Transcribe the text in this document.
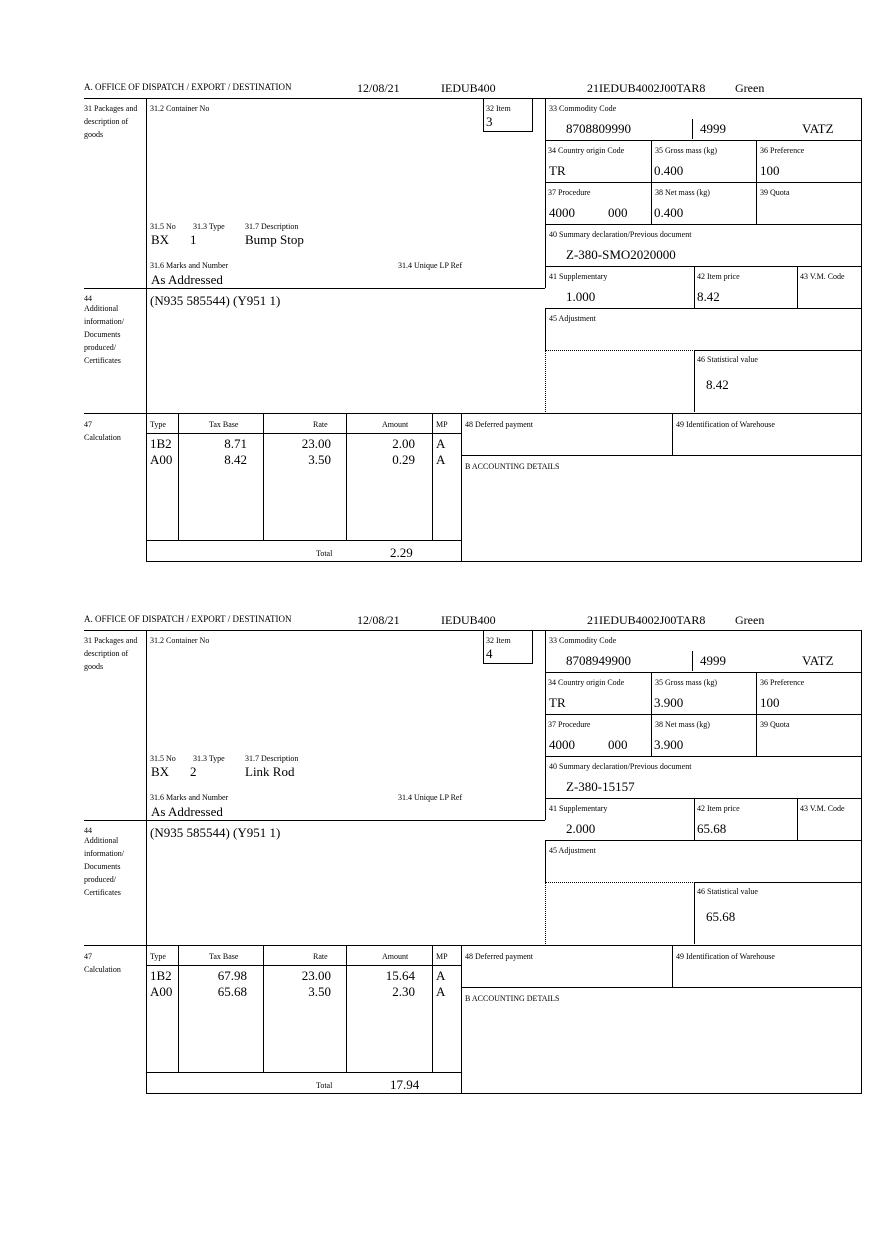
A. OFFICE OF DISPATCH / EXPORT / DESTINATION	12/08/21	IEDUB400	21IEDUB4002J00TAR8 Green
31 Packages and description of goods
31.2 Container No	32 Item
3
33 Commodity Code
8708809990	4999	VATZ
34 Country origin Code	35 Gross mass (kg)	36 Preference
TR	0.400	100
37 Procedure	38 Net mass (kg)	39 Quota
4000	000 0.400
40 Summary declaration/Previous document
Z-380-SMO2020000
31.5 No 31.3 Type	31.7 Description
BX 1	Bump Stop
31.6 Marks and Number	31.4 Unique LP Ref
As Addressed	41 Supplementary	42 Item price	43 V.M. Code
1.000	8.42
44
Additional information/ Documents produced/ Certificates
(N935 585544) (Y951 1)
45 Adjustment
46 Statistical value
8.42
47
Calculation
Type	Tax Base	Rate	Amount	MP
1B2	8.71	23.00	2.00 A
A00	8.42	3.50	0.29 A
Total	2.29
48 Deferred payment	49 Identification of Warehouse
B ACCOUNTING DETAILS
A. OFFICE OF DISPATCH / EXPORT / DESTINATION	12/08/21	IEDUB400	21IEDUB4002J00TAR8 Green
31 Packages and description of goods
31.2 Container No	32 Item
4
33 Commodity Code
8708949900	4999	VATZ
34 Country origin Code	35 Gross mass (kg)	36 Preference
TR	3.900	100
37 Procedure	38 Net mass (kg)	39 Quota
4000	000 3.900
40 Summary declaration/Previous document
Z-380-15157
31.5 No 31.3 Type	31.7 Description
BX 2	Link Rod
31.6 Marks and Number	31.4 Unique LP Ref
As Addressed	41 Supplementary	42 Item price	43 V.M. Code
2.000	65.68
44
Additional information/ Documents produced/ Certificates
(N935 585544) (Y951 1)
45 Adjustment
46 Statistical value
65.68
47
Calculation
Type	Tax Base	Rate	Amount	MP
1B2	67.98	23.00	15.64 A
A00	65.68	3.50	2.30 A
Total	17.94
48 Deferred payment	49 Identification of Warehouse
B ACCOUNTING DETAILS
